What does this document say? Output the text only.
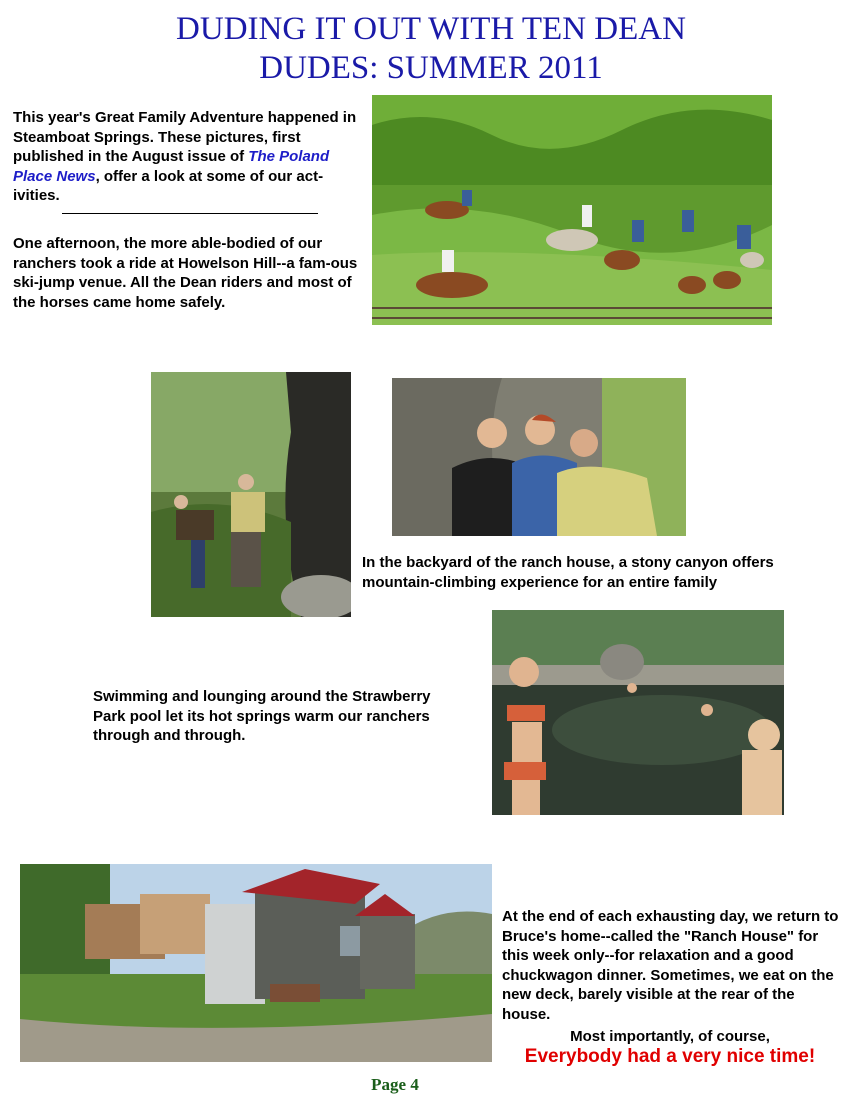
DUDING IT OUT WITH TEN DEAN
DUDES: SUMMER 2011
This year's Great Family Adventure happened in Steamboat Springs. These pictures, first published in the August issue of The Poland Place News, offer a look at some of our act-ivities.
One afternoon, the more able-bodied of our ranchers took a ride at Howelson Hill--a fam-ous ski-jump venue. All the Dean riders and most of the horses came home safely.
In the backyard of the ranch house, a stony canyon offers mountain-climbing experience for an entire family
Swimming and lounging around the Strawberry Park pool let its hot springs warm our ranchers through and through.
At the end of each exhausting day, we return to Bruce's home--called the "Ranch House" for this week only--for relaxation and a good chuckwagon dinner. Sometimes, we eat on the new deck, barely visible at the rear of the house.
Most importantly, of course,
Everybody had a very nice time!
Page 4
